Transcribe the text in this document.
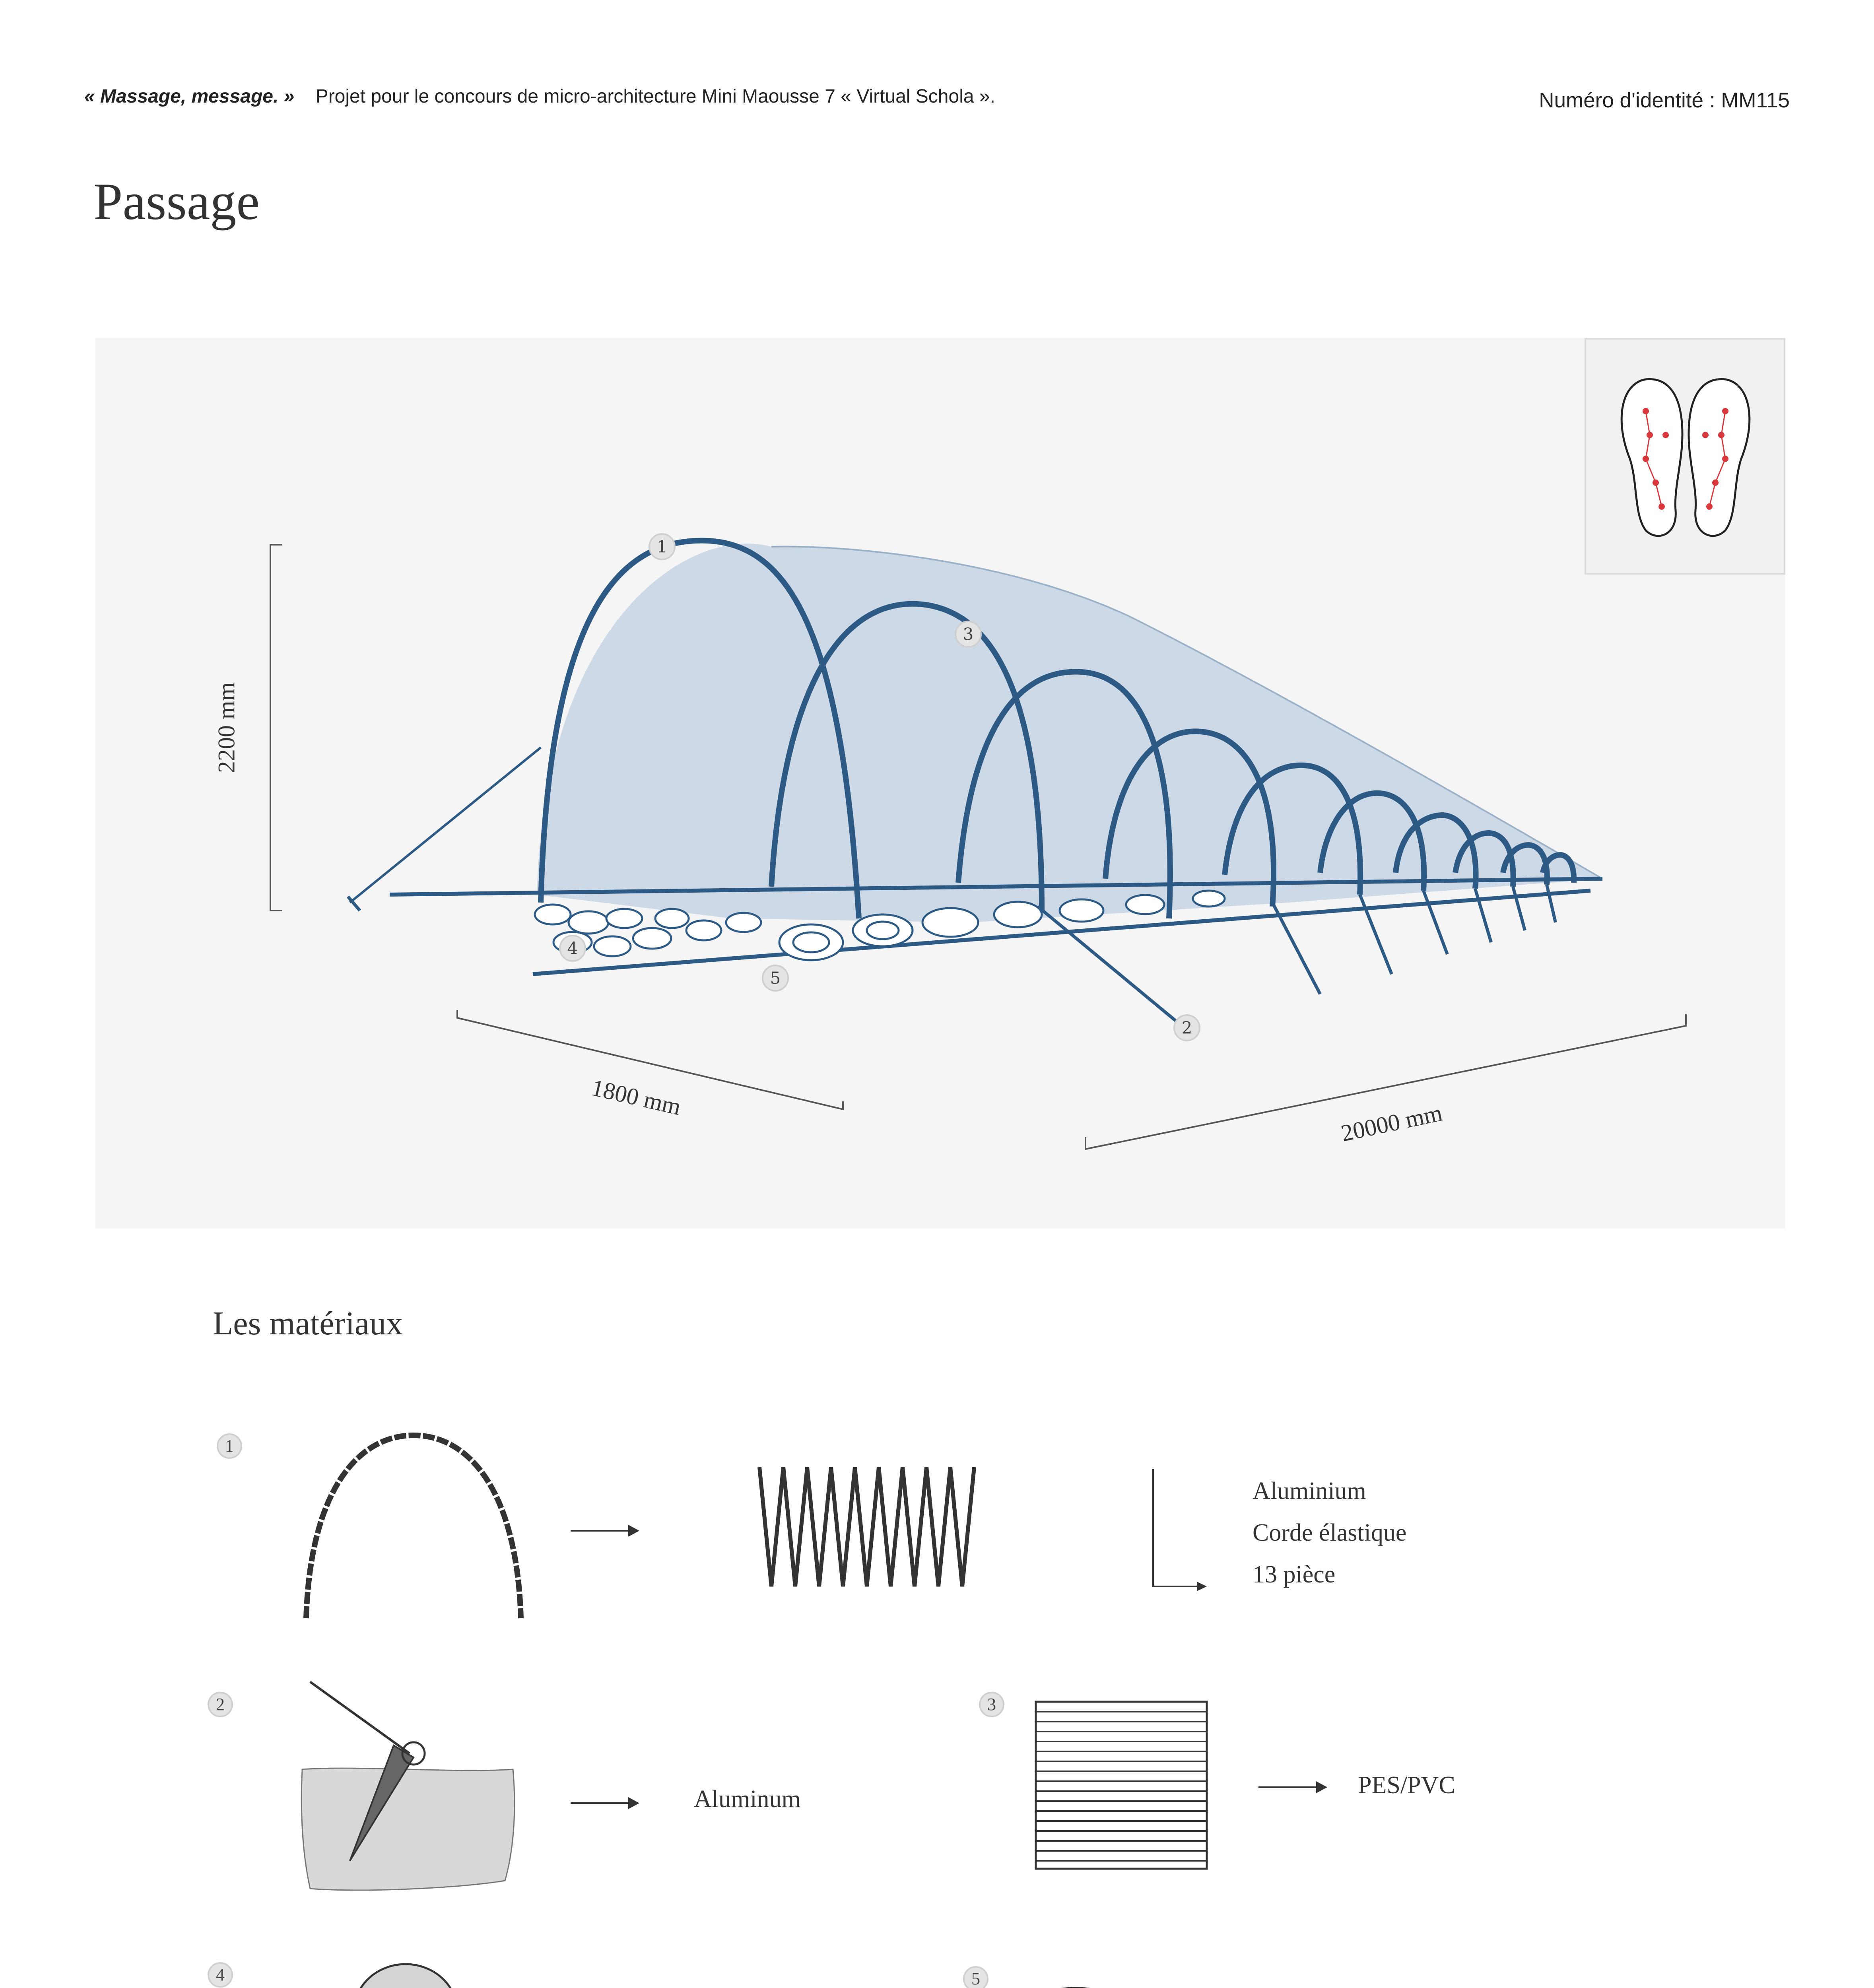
« Massage, message. » Projet pour le concours de micro-architecture Mini Maousse 7 « Virtual Schola ».	Numéro d'identité : MM115
Passage
1
2
3
4
5
2200 mm
1800 mm
20000 mm
Les matériaux
1
Aluminium
Corde élastique
13 pièce
2
Aluminum
3
PES/PVC
4	5
